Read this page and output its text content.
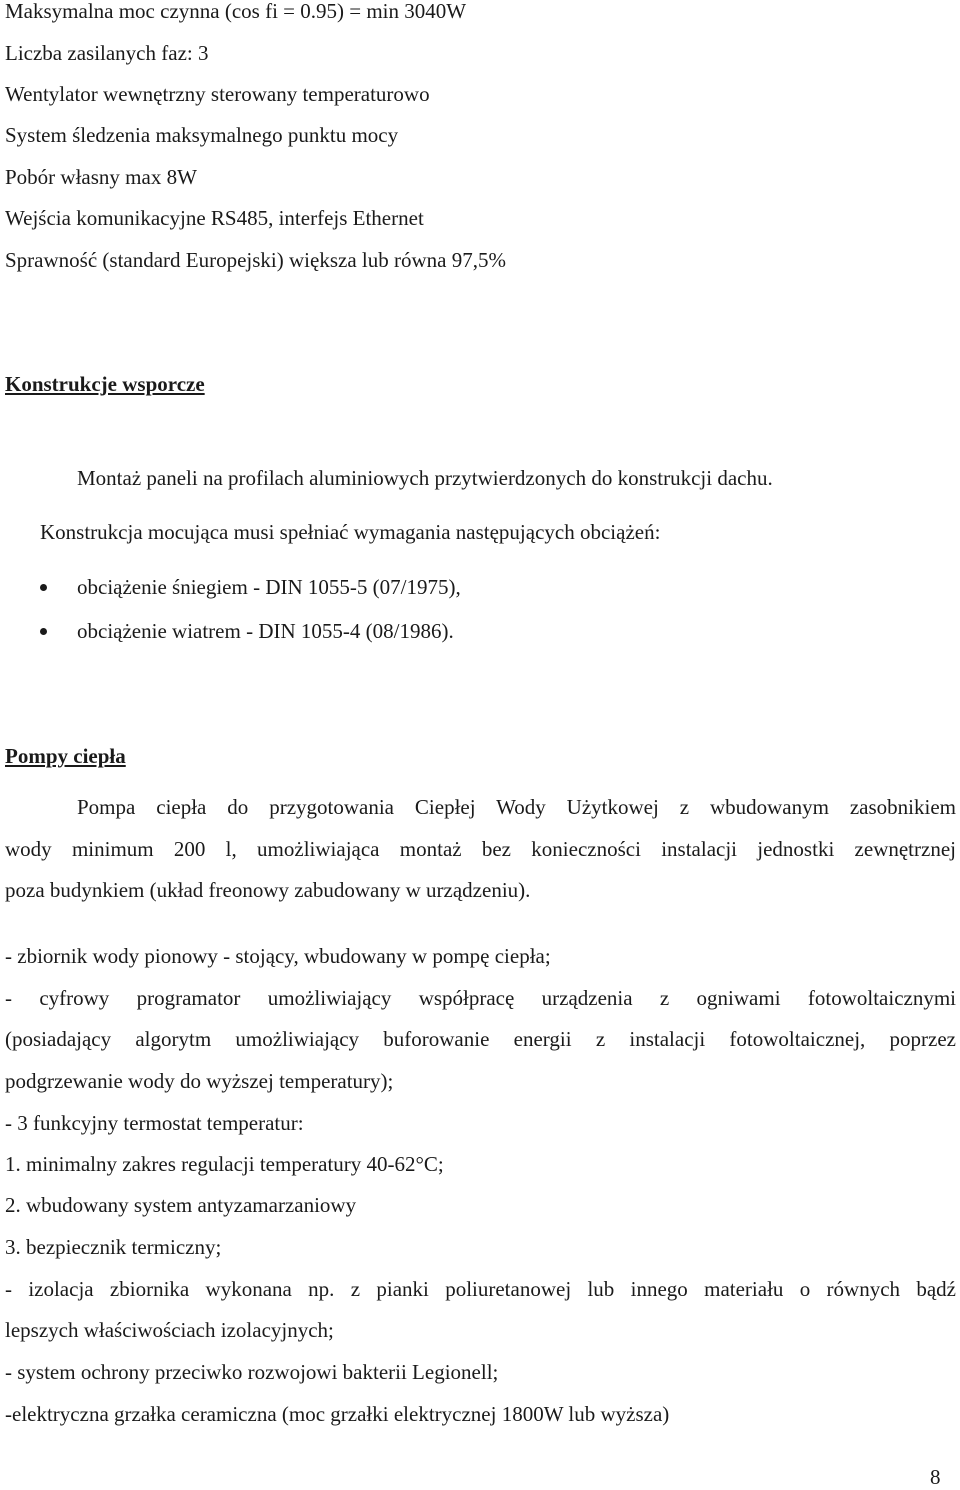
Maksymalna moc czynna (cos fi = 0.95) = min 3040W
Liczba zasilanych faz: 3
Wentylator wewnętrzny sterowany temperaturowo
System śledzenia maksymalnego punktu mocy
Pobór własny max 8W
Wejścia komunikacyjne RS485, interfejs Ethernet
Sprawność (standard Europejski) większa lub równa 97,5%
Konstrukcje wsporcze
Montaż paneli na profilach aluminiowych przytwierdzonych do konstrukcji dachu.
Konstrukcja mocująca musi spełniać wymagania następujących obciążeń:
obciążenie śniegiem - DIN 1055-5 (07/1975),
obciążenie wiatrem - DIN 1055-4 (08/1986).
Pompy ciepła
Pompa ciepła do przygotowania Ciepłej Wody Użytkowej z wbudowanym zasobnikiem
wody minimum 200 l, umożliwiająca montaż bez konieczności instalacji jednostki zewnętrznej
poza budynkiem (układ freonowy zabudowany w urządzeniu).
- zbiornik wody pionowy - stojący, wbudowany w pompę ciepła;
- cyfrowy programator umożliwiający współpracę urządzenia z ogniwami fotowoltaicznymi
(posiadający algorytm umożliwiający buforowanie energii z instalacji fotowoltaicznej, poprzez
podgrzewanie wody do wyższej temperatury);
- 3 funkcyjny termostat temperatur:
1. minimalny zakres regulacji temperatury 40-62°C;
2. wbudowany system antyzamarzaniowy
3. bezpiecznik termiczny;
- izolacja zbiornika wykonana np. z pianki poliuretanowej lub innego materiału o równych bądź
lepszych właściwościach izolacyjnych;
- system ochrony przeciwko rozwojowi bakterii Legionell;
-elektryczna grzałka ceramiczna (moc grzałki elektrycznej 1800W lub wyższa)
8
